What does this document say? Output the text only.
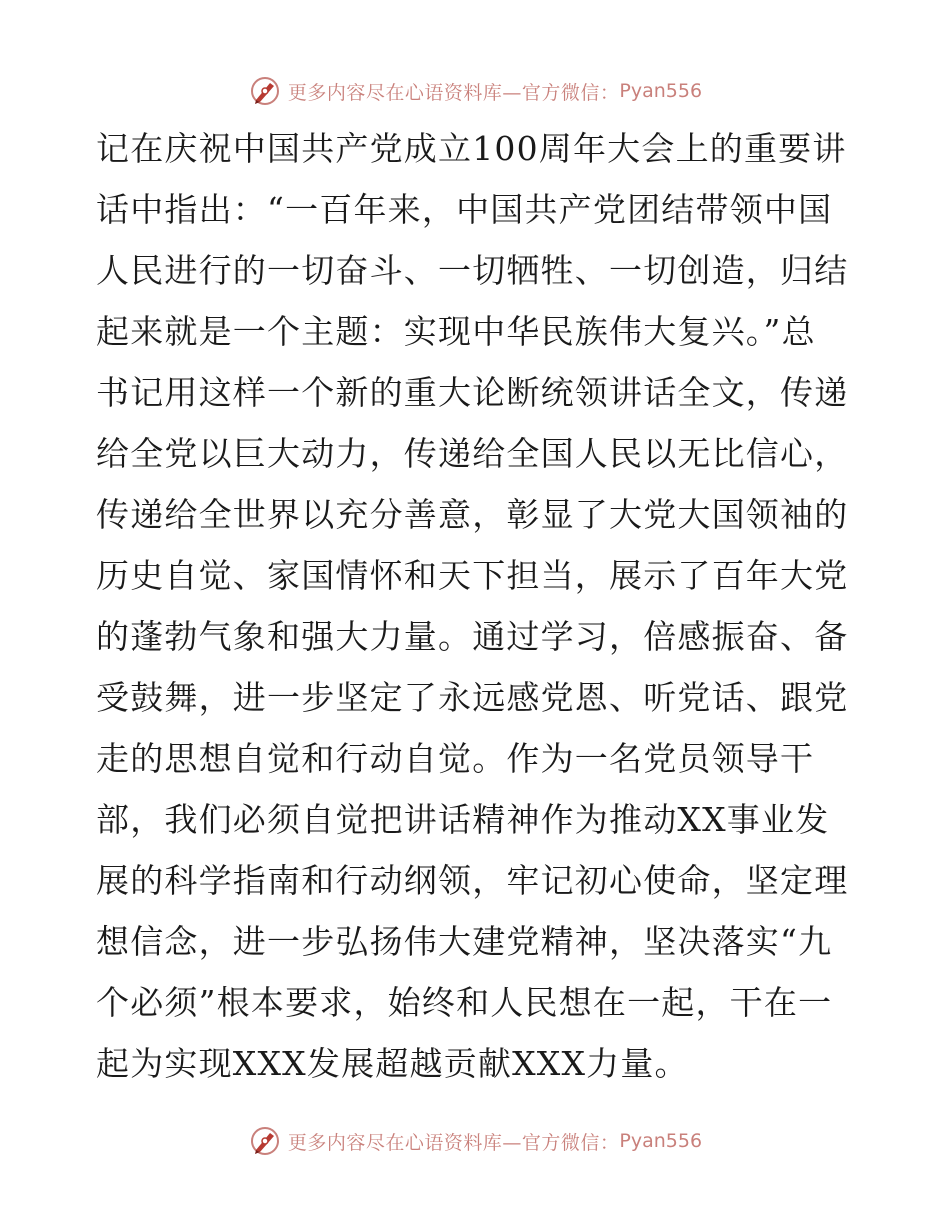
更多内容尽在心语资料库—官方微信： Pyan556
记在庆祝中国共产党成立100周年大会上的重要讲
话中指出：“一百年来，中国共产党团结带领中国
人民进行的一切奋斗、一切牺牲、一切创造，归结
起来就是一个主题：实现中华民族伟大复兴。”总
书记用这样一个新的重大论断统领讲话全文，传递
给全党以巨大动力，传递给全国人民以无比信心，
传递给全世界以充分善意，彰显了大党大国领袖的
历史自觉、家国情怀和天下担当，展示了百年大党
的蓬勃气象和强大力量。通过学习，倍感振奋、备
受鼓舞，进一步坚定了永远感党恩、听党话、跟党
走的思想自觉和行动自觉。作为一名党员领导干
部，我们必须自觉把讲话精神作为推动XX事业发
展的科学指南和行动纲领，牢记初心使命，坚定理
想信念，进一步弘扬伟大建党精神，坚决落实“九
个必须”根本要求，始终和人民想在一起，干在一
起为实现XXX发展超越贡献XXX力量。
更多内容尽在心语资料库—官方微信： Pyan556
